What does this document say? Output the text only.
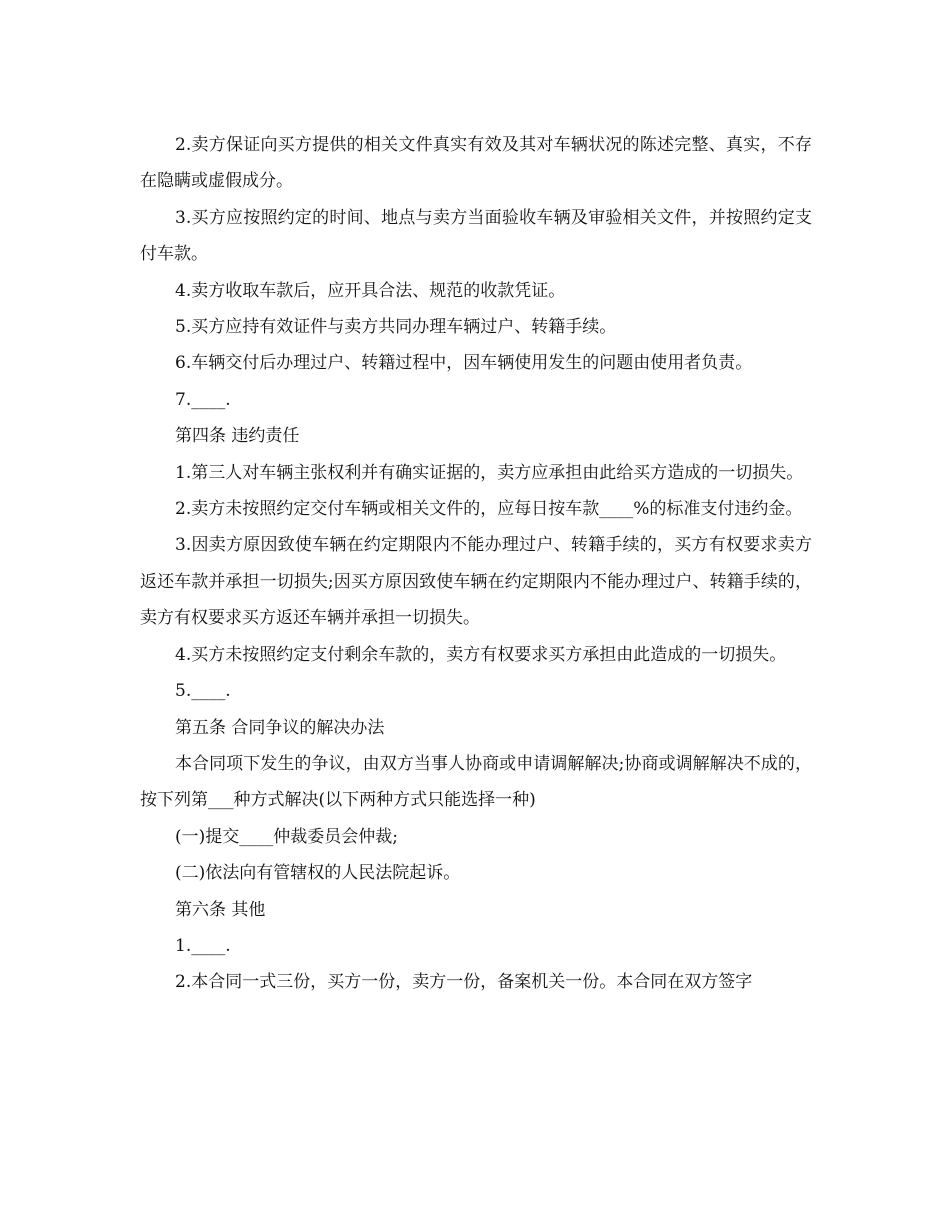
2.卖方保证向买方提供的相关文件真实有效及其对车辆状况的陈述完整、真实，不存在隐瞒或虚假成分。

3.买方应按照约定的时间、地点与卖方当面验收车辆及审验相关文件，并按照约定支付车款。

4.卖方收取车款后，应开具合法、规范的收款凭证。

5.买方应持有效证件与卖方共同办理车辆过户、转籍手续。

6.车辆交付后办理过户、转籍过程中，因车辆使用发生的问题由使用者负责。

7.____.

第四条 违约责任

1.第三人对车辆主张权利并有确实证据的，卖方应承担由此给买方造成的一切损失。

2.卖方未按照约定交付车辆或相关文件的，应每日按车款____%的标准支付违约金。

3.因卖方原因致使车辆在约定期限内不能办理过户、转籍手续的，买方有权要求卖方返还车款并承担一切损失;因买方原因致使车辆在约定期限内不能办理过户、转籍手续的，卖方有权要求买方返还车辆并承担一切损失。

4.买方未按照约定支付剩余车款的，卖方有权要求买方承担由此造成的一切损失。

5.____.

第五条 合同争议的解决办法

本合同项下发生的争议，由双方当事人协商或申请调解解决;协商或调解解决不成的，按下列第___种方式解决(以下两种方式只能选择一种)

(一)提交____仲裁委员会仲裁;

(二)依法向有管辖权的人民法院起诉。

第六条 其他

1.____.

2.本合同一式三份，买方一份，卖方一份，备案机关一份。本合同在双方签字
